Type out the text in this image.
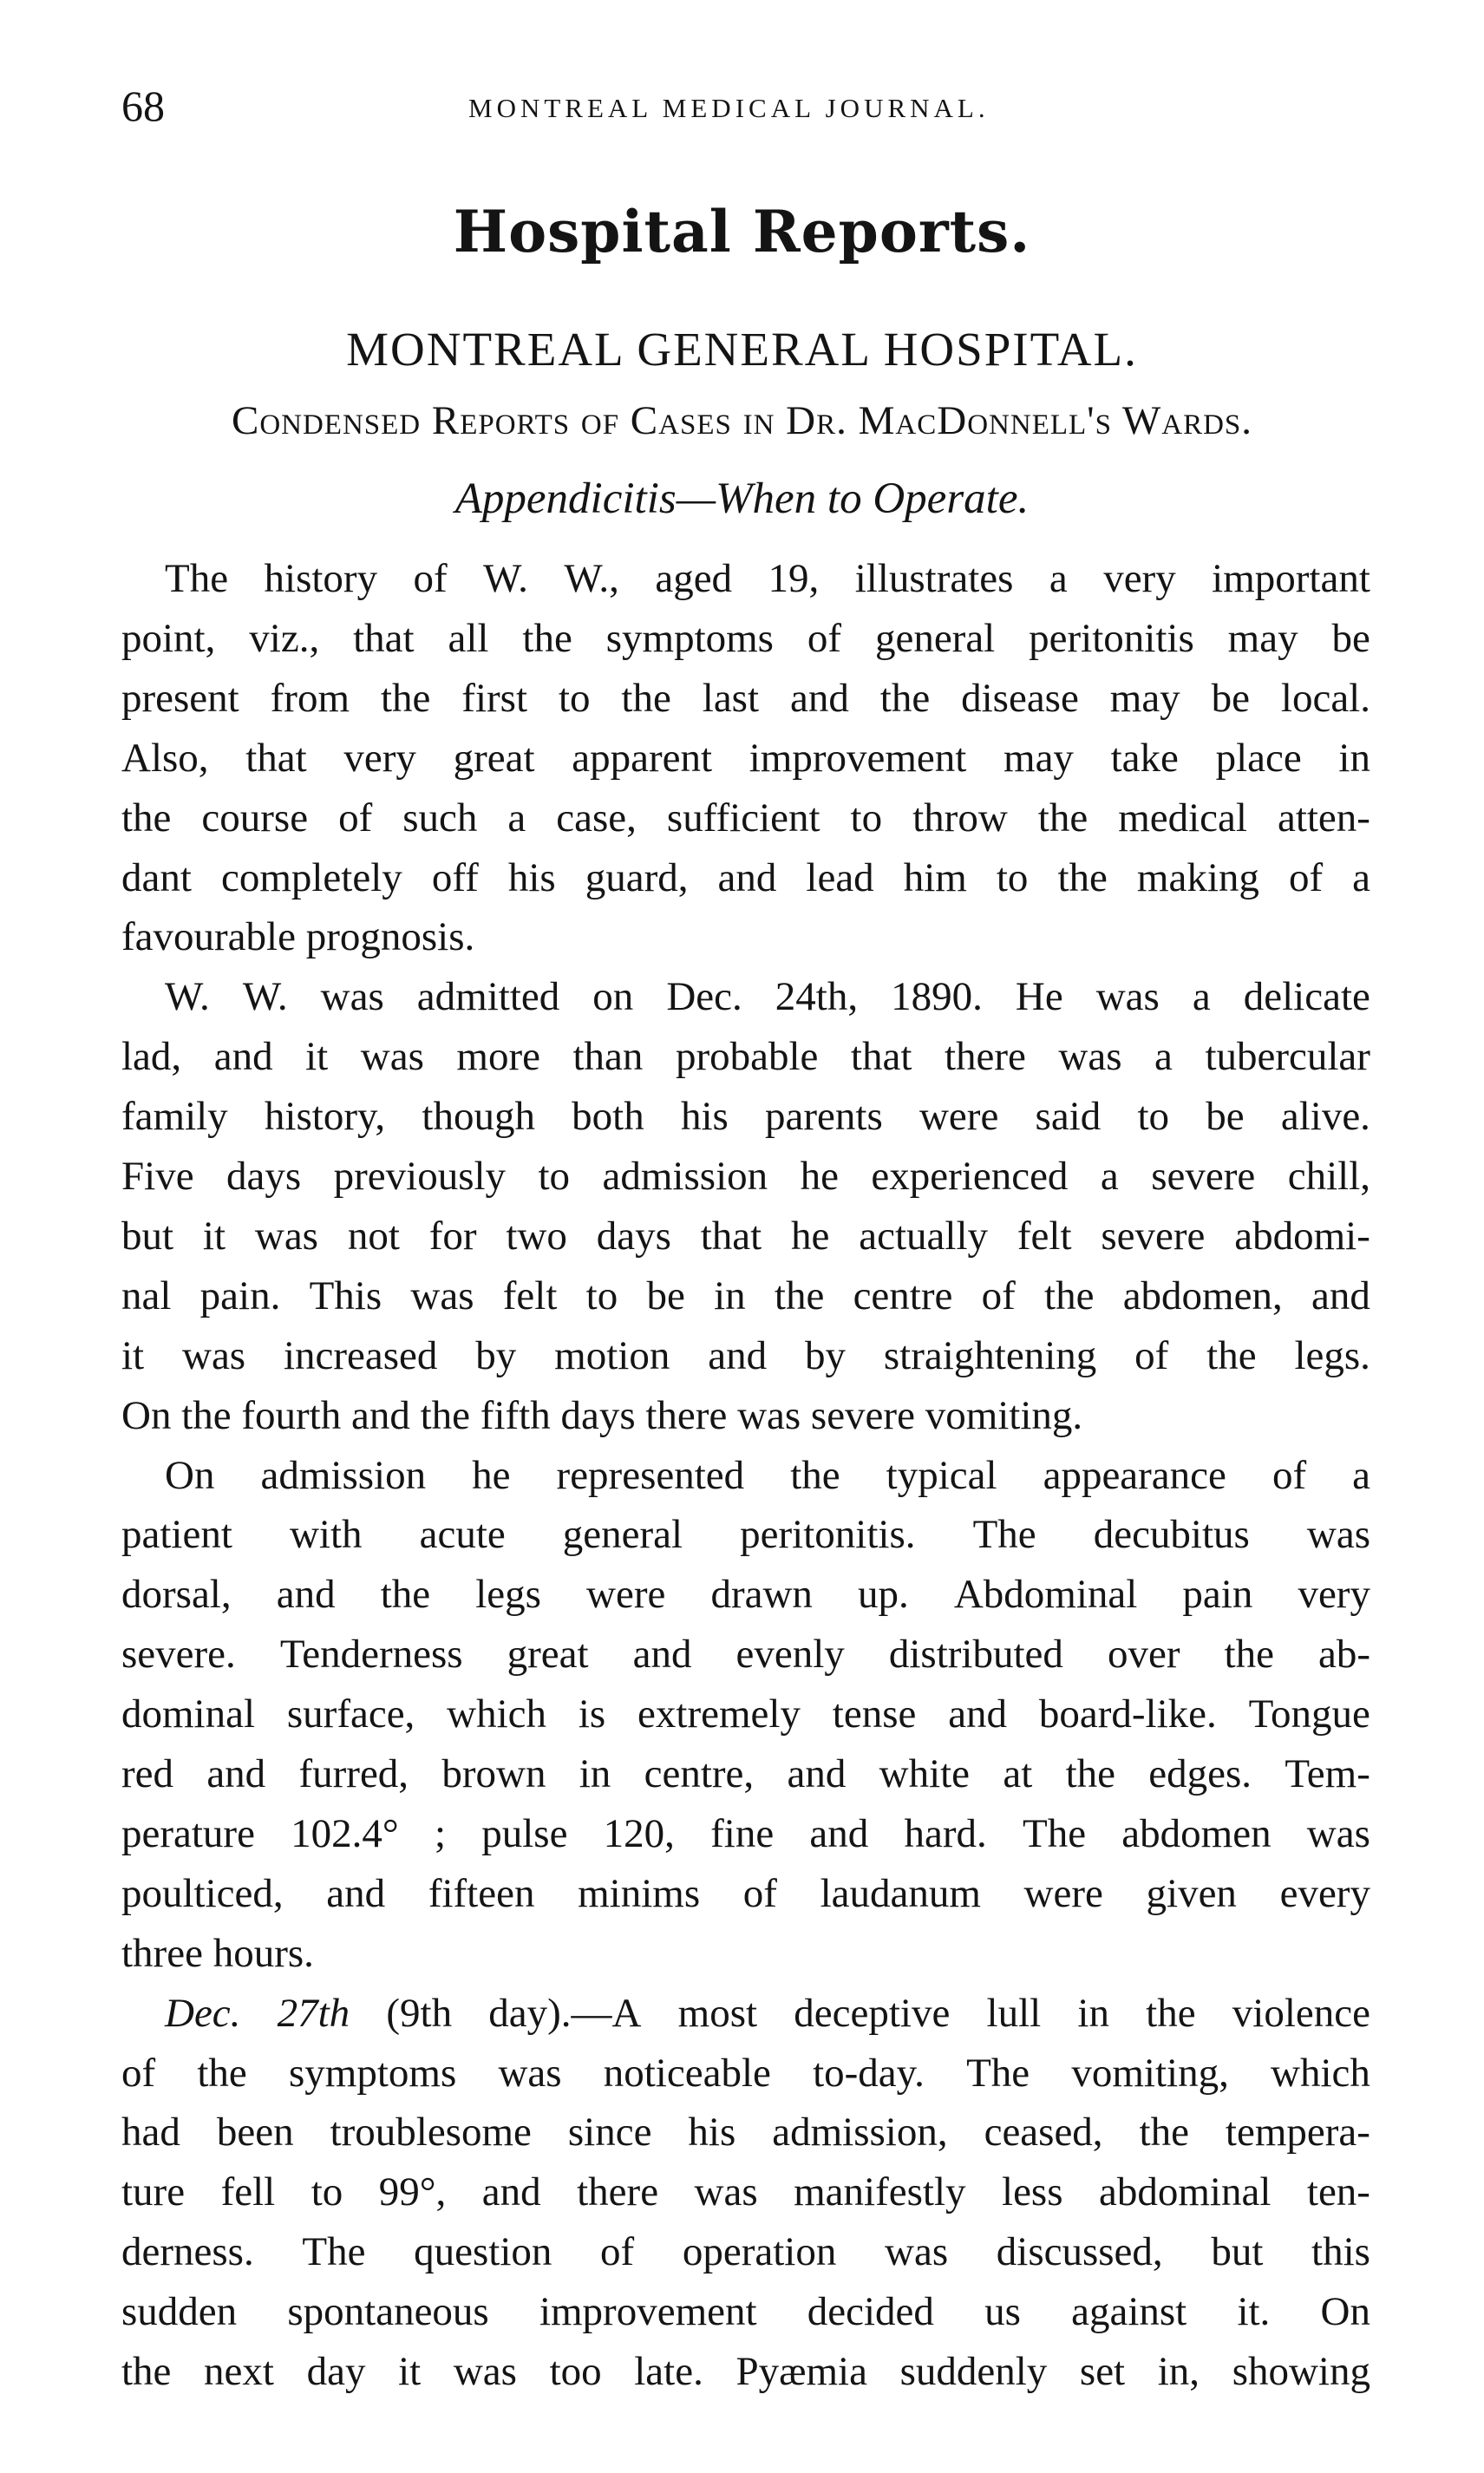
68	MONTREAL MEDICAL JOURNAL.
Hospital Reports.
MONTREAL GENERAL HOSPITAL.
Condensed Reports of Cases in Dr. MacDonnell's Wards.
Appendicitis—When to Operate.
The history of W. W., aged 19, illustrates a very important
point, viz., that all the symptoms of general peritonitis may be
present from the first to the last and the disease may be local.
Also, that very great apparent improvement may take place in
the course of such a case, sufficient to throw the medical atten-
dant completely off his guard, and lead him to the making of a
favourable prognosis.
W. W. was admitted on Dec. 24th, 1890. He was a delicate
lad, and it was more than probable that there was a tubercular
family history, though both his parents were said to be alive.
Five days previously to admission he experienced a severe chill,
but it was not for two days that he actually felt severe abdomi-
nal pain. This was felt to be in the centre of the abdomen, and
it was increased by motion and by straightening of the legs.
On the fourth and the fifth days there was severe vomiting.
On admission he represented the typical appearance of a
patient with acute general peritonitis. The decubitus was
dorsal, and the legs were drawn up. Abdominal pain very
severe. Tenderness great and evenly distributed over the ab-
dominal surface, which is extremely tense and board-like. Tongue
red and furred, brown in centre, and white at the edges. Tem-
perature 102.4° ; pulse 120, fine and hard. The abdomen was
poulticed, and fifteen minims of laudanum were given every
three hours.
Dec. 27th (9th day).—A most deceptive lull in the violence
of the symptoms was noticeable to-day. The vomiting, which
had been troublesome since his admission, ceased, the tempera-
ture fell to 99°, and there was manifestly less abdominal ten-
derness. The question of operation was discussed, but this
sudden spontaneous improvement decided us against it. On
the next day it was too late. Pyæmia suddenly set in, showing
